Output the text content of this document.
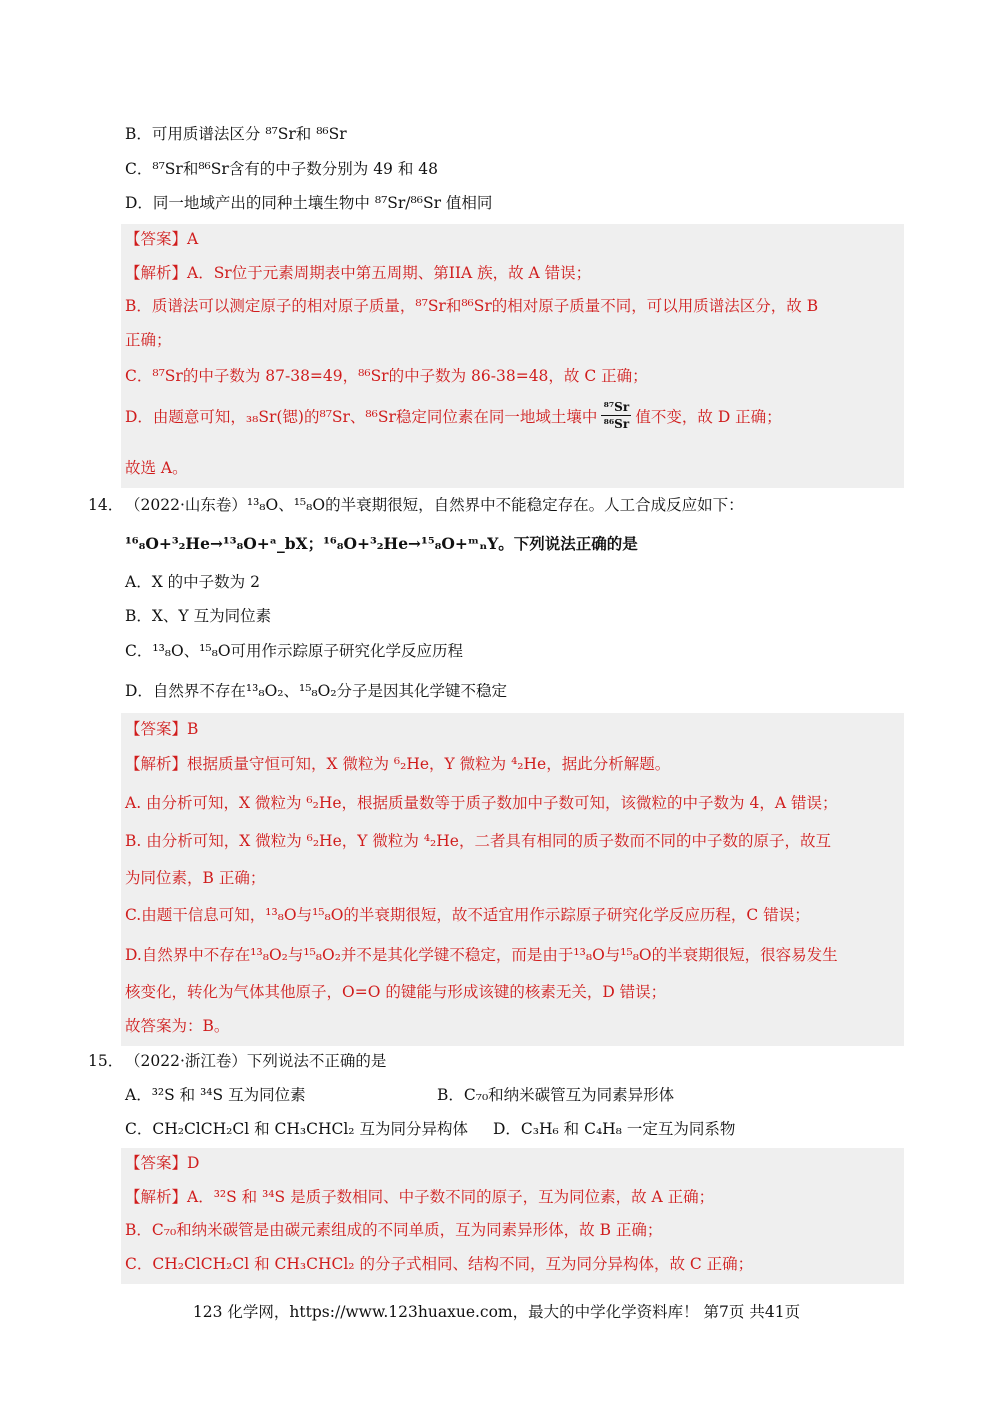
B．可用质谱法区分 ⁸⁷Sr和 ⁸⁶Sr
C．⁸⁷Sr和⁸⁶Sr含有的中子数分别为 49 和 48
D．同一地域产出的同种土壤生物中 ⁸⁷Sr/⁸⁶Sr 值相同
【答案】A
【解析】A．Sr位于元素周期表中第五周期、第IIA 族，故 A 错误；
B．质谱法可以测定原子的相对原子质量，⁸⁷Sr和⁸⁶Sr的相对原子质量不同，可以用质谱法区分，故 B
正确；
C．⁸⁷Sr的中子数为 87-38=49，⁸⁶Sr的中子数为 86-38=48，故 C 正确；
D．由题意可知，₃₈Sr(锶)的⁸⁷Sr、⁸⁶Sr稳定同位素在同一地域土壤中 $\frac{\text{⁸⁷Sr}}{\text{⁸⁶Sr}}$ 值不变，故 D 正确；
故选 A。
14． （2022·山东卷）¹³₈O、¹⁵₈O的半衰期很短，自然界中不能稳定存在。人工合成反应如下：
¹⁶₈O+³₂He→¹³₈O+ᵃ_bX；¹⁶₈O+³₂He→¹⁵₈O+ᵐₙY。下列说法正确的是
A．X 的中子数为 2
B．X、Y 互为同位素
C．¹³₈O、¹⁵₈O可用作示踪原子研究化学反应历程
D．自然界不存在¹³₈O₂、¹⁵₈O₂分子是因其化学键不稳定
【答案】B
【解析】根据质量守恒可知，X 微粒为 ⁶₂He，Y 微粒为 ⁴₂He，据此分析解题。
A. 由分析可知，X 微粒为 ⁶₂He，根据质量数等于质子数加中子数可知，该微粒的中子数为 4，A 错误；
B. 由分析可知，X 微粒为 ⁶₂He，Y 微粒为 ⁴₂He，二者具有相同的质子数而不同的中子数的原子，故互
为同位素，B 正确；
C.由题干信息可知，¹³₈O与¹⁵₈O的半衰期很短，故不适宜用作示踪原子研究化学反应历程，C 错误；
D.自然界中不存在¹³₈O₂与¹⁵₈O₂并不是其化学键不稳定，而是由于¹³₈O与¹⁵₈O的半衰期很短，很容易发生
核变化，转化为气体其他原子，O=O 的键能与形成该键的核素无关，D 错误；
故答案为：B。
15． （2022·浙江卷）下列说法不正确的是
A．³²S 和 ³⁴S 互为同位素	B．C₇₀和纳米碳管互为同素异形体
C．CH₂ClCH₂Cl 和 CH₃CHCl₂ 互为同分异构体 D．C₃H₆ 和 C₄H₈ 一定互为同系物
【答案】D
【解析】A．³²S 和 ³⁴S 是质子数相同、中子数不同的原子，互为同位素，故 A 正确；
B．C₇₀和纳米碳管是由碳元素组成的不同单质，互为同素异形体，故 B 正确；
C．CH₂ClCH₂Cl 和 CH₃CHCl₂ 的分子式相同、结构不同，互为同分异构体，故 C 正确；
123 化学网，https://www.123huaxue.com，最大的中学化学资料库！ 第7页 共41页
